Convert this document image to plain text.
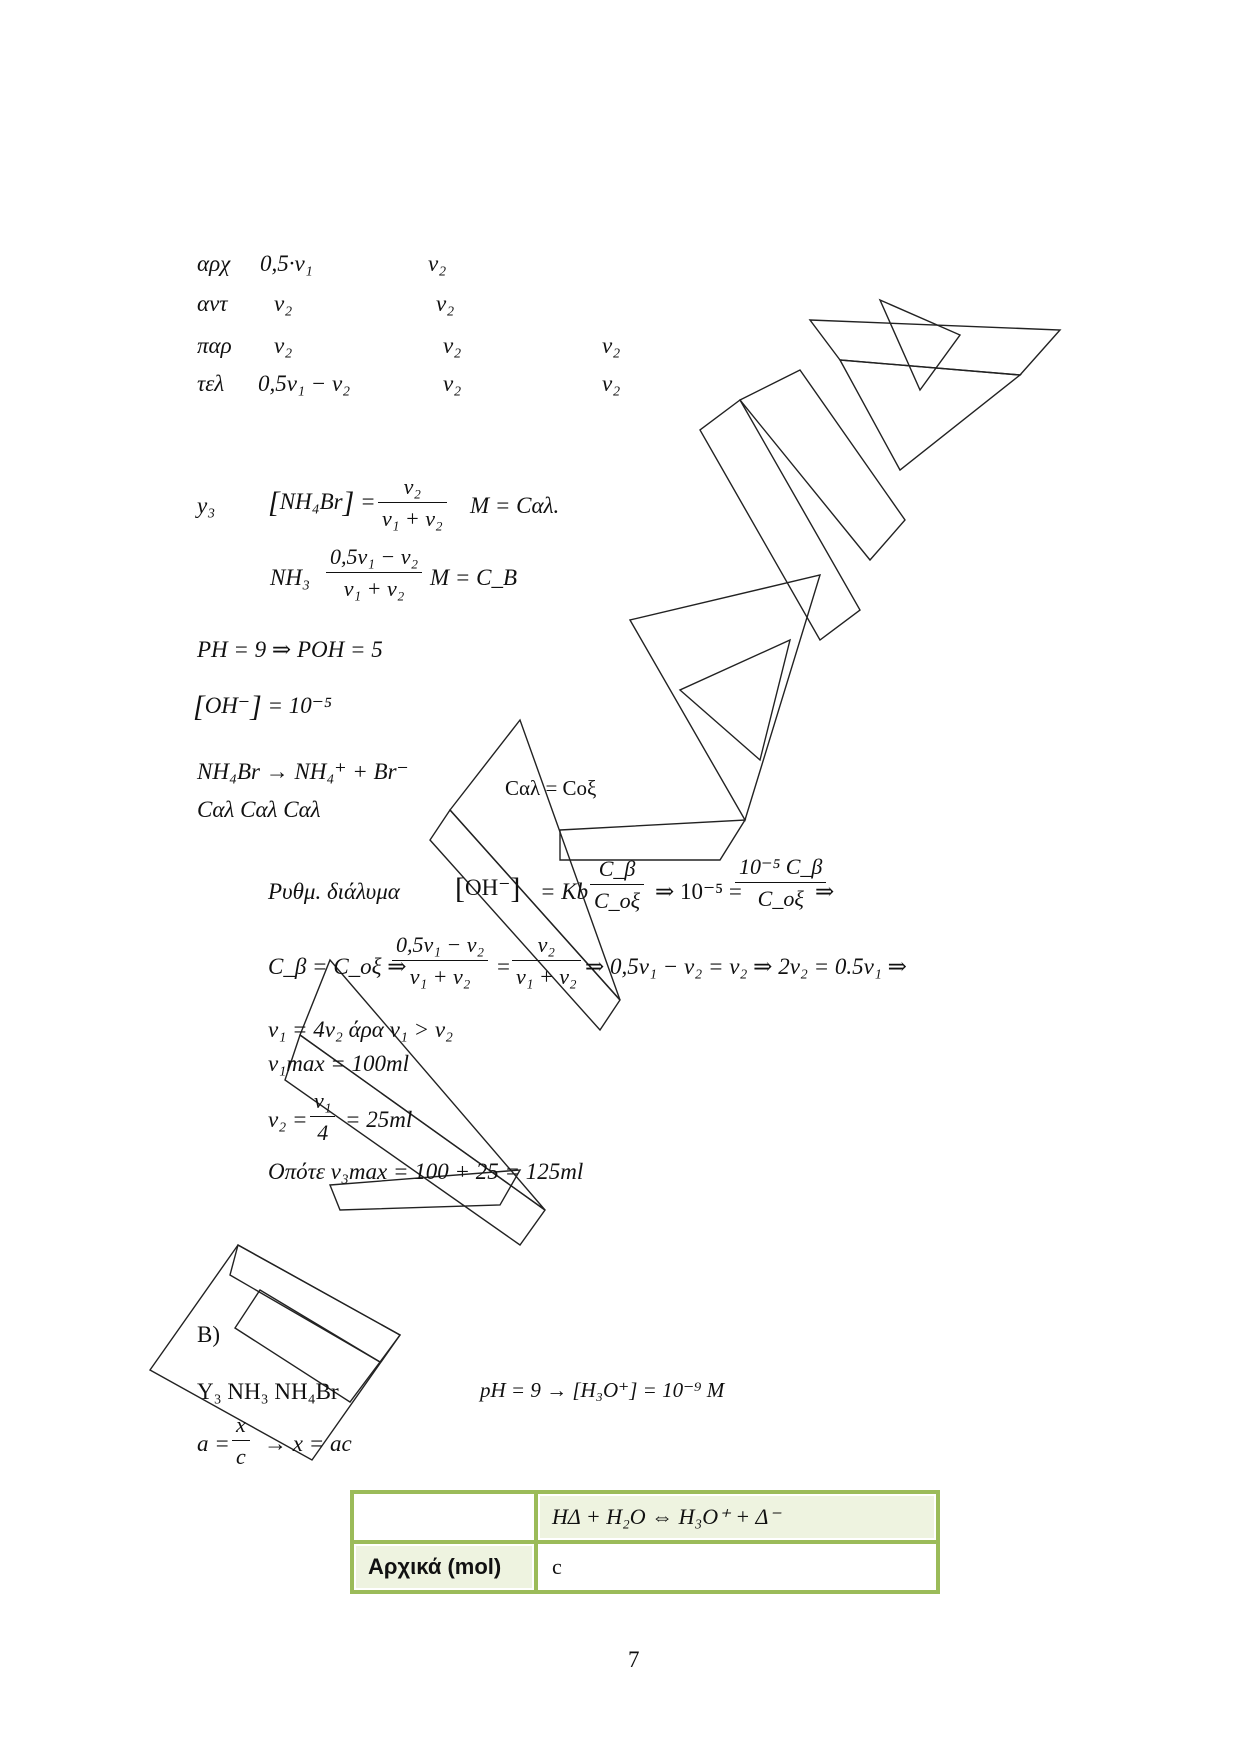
αρχ 0,5·v₁	v₂
αντ v₂	v₂
παρ v₂	v₂	v₂
τελ 0,5v₁ − v₂	v₂	v₂
y₃ $[NH_4Br] = \frac{\text{v₂}}{\text{v₁ + v₂}}$ M = Cαλ.
$NH_3 \frac{\text{0,5v₁ − v₂}}{\text{v₁ + v₂}}$ M = C_B
PH = 9 ⇒ POH = 5
[OH⁻] = 10⁻⁵
NH₄Br → NH₄⁺ + Br⁻
Cαλ Cαλ Cαλ
Cαλ = Cοξ
Ρυθμ. διάλυμα [OH⁻] = Kb $\frac{C\_\beta}{C\_o\xi}$ ⇒ 10⁻⁵ =
$\frac{\text{10⁻⁵ C\_β}}{C\_o\xi}$
⇒
C_β = C_οξ ⇒
$\frac{\text{0,5v₁ − v₂}}{\text{v₁ + v₂}} = \frac{\text{v₂}}{\text{v₁ + v₂}}$ ⇒ 0,5v₁ − v₂ = v₂ ⇒ 2v₂ = 0.5v₁ ⇒
v₁ = 4v₂ άρα v₁ > v₂
v₁max = 100ml
$v_2 = \frac{\text{v₁}}{4} = 25ml$
Οπότε v₃max = 100 + 25 = 125ml
B)
Y₃ NH₃ NH₄Br	pH = 9 → [H₃O⁺] = 10⁻⁹ M
$a = \frac{x}{c} \to x$ = ac
	HΔ + H₂O ⇔ H₃O⁺ + Δ⁻
Αρχικά (mol)	c
7
